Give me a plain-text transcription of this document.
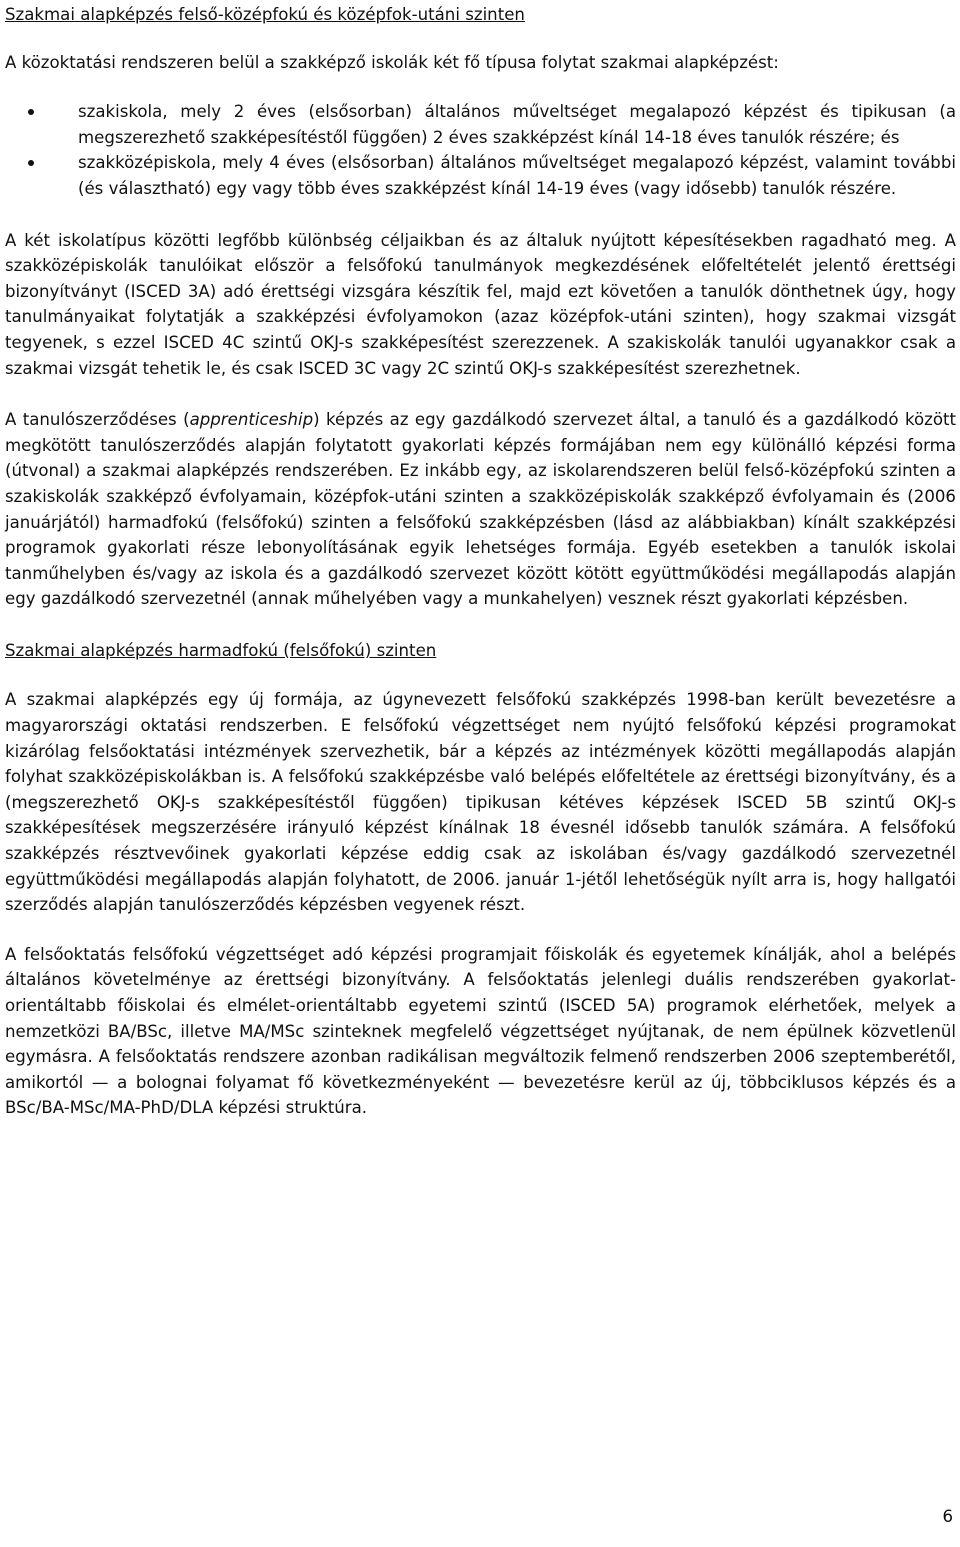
Szakmai alapképzés felső-középfokú és középfok-utáni szinten

A közoktatási rendszeren belül a szakképző iskolák két fő típusa folytat szakmai alapképzést:

szakiskola, mely 2 éves (elsősorban) általános műveltséget megalapozó képzést és tipikusan (a megszerezhető szakképesítéstől függően) 2 éves szakképzést kínál 14-18 éves tanulók részére; és
szakközépiskola, mely 4 éves (elsősorban) általános műveltséget megalapozó képzést, valamint további (és választható) egy vagy több éves szakképzést kínál 14-19 éves (vagy idősebb) tanulók részére.

A két iskolatípus közötti legfőbb különbség céljaikban és az általuk nyújtott képesítésekben ragadható meg. A szakközépiskolák tanulóikat először a felsőfokú tanulmányok megkezdésének előfeltételét jelentő érettségi bizonyítványt (ISCED 3A) adó érettségi vizsgára készítik fel, majd ezt követően a tanulók dönthetnek úgy, hogy tanulmányaikat folytatják a szakképzési évfolyamokon (azaz középfok-utáni szinten), hogy szakmai vizsgát tegyenek, s ezzel ISCED 4C szintű OKJ-s szakképesítést szerezzenek. A szakiskolák tanulói ugyanakkor csak a szakmai vizsgát tehetik le, és csak ISCED 3C vagy 2C szintű OKJ-s szakképesítést szerezhetnek.

A tanulószerződéses (apprenticeship) képzés az egy gazdálkodó szervezet által, a tanuló és a gazdálkodó között megkötött tanulószerződés alapján folytatott gyakorlati képzés formájában nem egy különálló képzési forma (útvonal) a szakmai alapképzés rendszerében. Ez inkább egy, az iskolarendszeren belül felső-középfokú szinten a szakiskolák szakképző évfolyamain, középfok-utáni szinten a szakközépiskolák szakképző évfolyamain és (2006 januárjától) harmadfokú (felsőfokú) szinten a felsőfokú szakképzésben (lásd az alábbiakban) kínált szakképzési programok gyakorlati része lebonyolításának egyik lehetséges formája. Egyéb esetekben a tanulók iskolai tanműhelyben és/vagy az iskola és a gazdálkodó szervezet között kötött együttműködési megállapodás alapján egy gazdálkodó szervezetnél (annak műhelyében vagy a munkahelyen) vesznek részt gyakorlati képzésben.

Szakmai alapképzés harmadfokú (felsőfokú) szinten

A szakmai alapképzés egy új formája, az úgynevezett felsőfokú szakképzés 1998-ban került bevezetésre a magyarországi oktatási rendszerben. E felsőfokú végzettséget nem nyújtó felsőfokú képzési programokat kizárólag felsőoktatási intézmények szervezhetik, bár a képzés az intézmények közötti megállapodás alapján folyhat szakközépiskolákban is. A felsőfokú szakképzésbe való belépés előfeltétele az érettségi bizonyítvány, és a (megszerezhető OKJ-s szakképesítéstől függően) tipikusan kétéves képzések ISCED 5B szintű OKJ-s szakképesítések megszerzésére irányuló képzést kínálnak 18 évesnél idősebb tanulók számára. A felsőfokú szakképzés résztvevőinek gyakorlati képzése eddig csak az iskolában és/vagy gazdálkodó szervezetnél együttműködési megállapodás alapján folyhatott, de 2006. január 1-jétől lehetőségük nyílt arra is, hogy hallgatói szerződés alapján tanulószerződés képzésben vegyenek részt.

A felsőoktatás felsőfokú végzettséget adó képzési programjait főiskolák és egyetemek kínálják, ahol a belépés általános követelménye az érettségi bizonyítvány. A felsőoktatás jelenlegi duális rendszerében gyakorlat-orientáltabb főiskolai és elmélet-orientáltabb egyetemi szintű (ISCED 5A) programok elérhetőek, melyek a nemzetközi BA/BSc, illetve MA/MSc szinteknek megfelelő végzettséget nyújtanak, de nem épülnek közvetlenül egymásra. A felsőoktatás rendszere azonban radikálisan megváltozik felmenő rendszerben 2006 szeptemberétől, amikortól — a bolognai folyamat fő következményeként — bevezetésre kerül az új, többciklusos képzés és a BSc/BA-MSc/MA-PhD/DLA képzési struktúra.

6
